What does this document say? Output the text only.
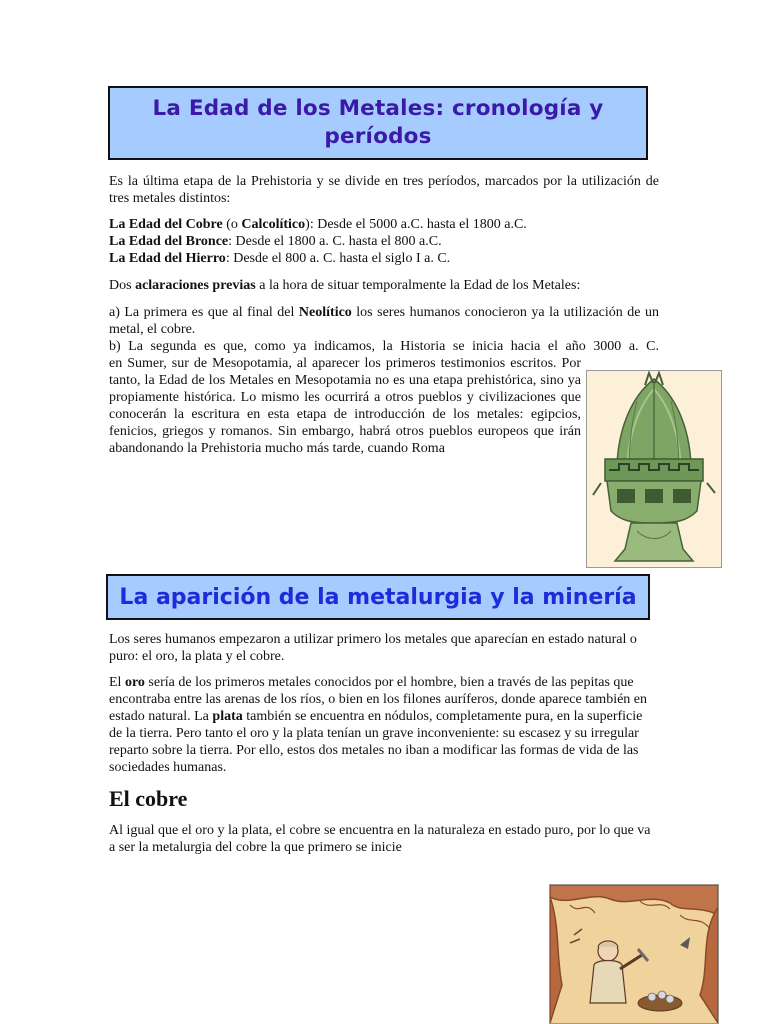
La Edad de los Metales: cronología y períodos

Es la última etapa de la Prehistoria y se divide en tres períodos, marcados por la utilización de tres metales distintos:

La Edad del Cobre (o Calcolítico): Desde el 5000 a.C. hasta el 1800 a.C.
La Edad del Bronce: Desde el 1800 a. C. hasta el 800 a.C.
La Edad del Hierro: Desde el 800 a. C. hasta el siglo I a. C.

Dos aclaraciones previas a la hora de situar temporalmente la Edad de los Metales:

a) La primera es que al final del Neolítico los seres humanos conocieron ya la utilización de un metal, el cobre.

b) La segunda es que, como ya indicamos, la Historia se inicia hacia el año 3000 a. C.

en Sumer, sur de Mesopotamia, al aparecer los primeros testimonios escritos. Por tanto, la Edad de los Metales en Mesopotamia no es una etapa prehistórica, sino ya propiamente histórica. Lo mismo les ocurrirá a otros pueblos y civilizaciones que conocerán la escritura en esta etapa de introducción de los metales: egipcios, fenicios, griegos y romanos. Sin embargo, habrá otros pueblos europeos que irán abandonando la Prehistoria mucho más tarde, cuando Roma

La aparición de la metalurgia y la minería

Los seres humanos empezaron a utilizar primero los metales que aparecían en estado natural o puro: el oro, la plata y el cobre.

El oro sería de los primeros metales conocidos por el hombre, bien a través de las pepitas que encontraba entre las arenas de los ríos, o bien en los filones auríferos, donde aparece también en estado natural. La plata también se encuentra en nódulos, completamente pura, en la superficie de la tierra. Pero tanto el oro y la plata tenían un grave inconveniente: su escasez y su irregular reparto sobre la tierra. Por ello, estos dos metales no iban a modificar las formas de vida de las sociedades humanas.

El cobre

Al igual que el oro y la plata, el cobre se encuentra en la naturaleza en estado puro, por lo que va a ser la metalurgia del cobre la que primero se inicie
